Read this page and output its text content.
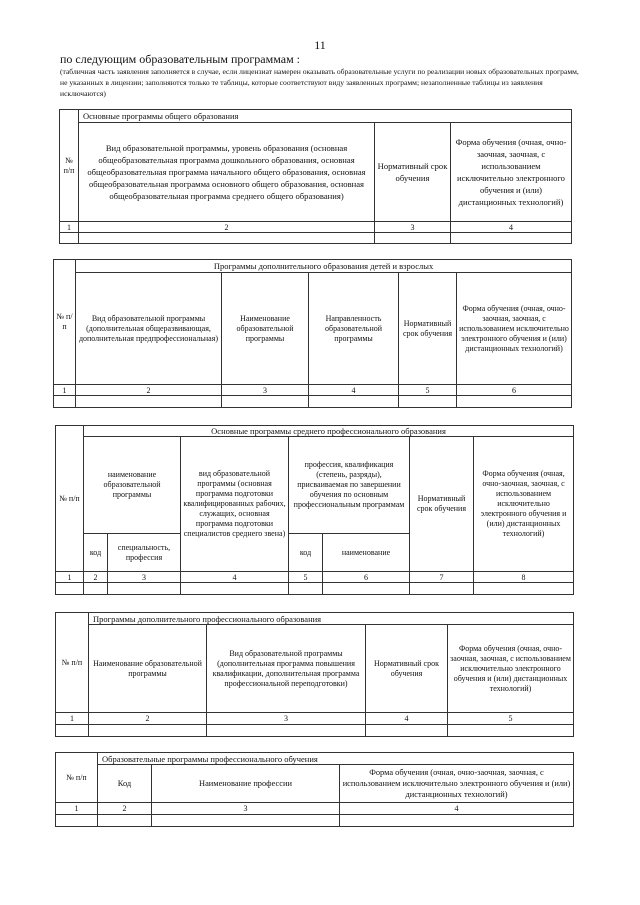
11
по следующим образовательным программам :
(табличная часть заявления заполняется в случае, если лицензиат намерен оказывать образовательные услуги по реализации новых образовательных программ, не указанных в лицензии; заполняются только те таблицы, которые соответствуют виду заявленных программ; незаполненные таблицы из заявления исключаются)
№ п/п	Основные программы общего образования		
	Вид образовательной программы, уровень образования (основная общеобразовательная программа дошкольного образования, основная общеобразовательная программа начального общего образования, основная общеобразовательная программа основного общего образования, основная общеобразовательная программа среднего общего образования)	Нормативный срок обучения	Форма обучения (очная, очно-заочная, заочная, с использованием исключительно электронного обучения и (или) дистанционных технологий)
1	2	3	4

№ п/п	Программы дополнительного образования детей и взрослых				
	Вид образовательной программы (дополнительная общеразвивающая, дополнительная предпрофессиональная)	Наименование образовательной программы	Направленность образовательной программы	Нормативный срок обучения	Форма обучения (очная, очно-заочная, заочная, с использованием исключительно электронного обучения и (или) дистанционных технологий)
1	2	3	4	5	6

№ п/п	Основные программы среднего профессионального образования						
	наименование образовательной программы		вид образовательной программы (основная программа подготовки квалифицированных рабочих, служащих, основная программа подготовки специалистов среднего звена)	профессия, квалификация (степень, разряды), присваиваемая по завершении обучения по основным профессиональным программам		Нормативный срок обучения	Форма обучения (очная, очно-заочная, заочная, с использованием исключительно электронного обучения и (или) дистанционных технологий)
	код	специальность, профессия		код	наименование		
1	2	3	4	5	6	7	8

№ п/п	Программы дополнительного профессионального образования			
	Наименование образовательной программы	Вид образовательной программы (дополнительная программа повышения квалификации, дополнительная программа профессиональной переподготовки)	Нормативный срок обучения	Форма обучения (очная, очно-заочная, заочная, с использованием исключительно электронного обучения и (или) дистанционных технологий)
1	2	3	4	5

№ п/п	Образовательные программы профессионального обучения		
	Код	Наименование профессии	Форма обучения (очная, очно-заочная, заочная, с использованием исключительно электронного обучения и (или) дистанционных технологий)
1	2	3	4
